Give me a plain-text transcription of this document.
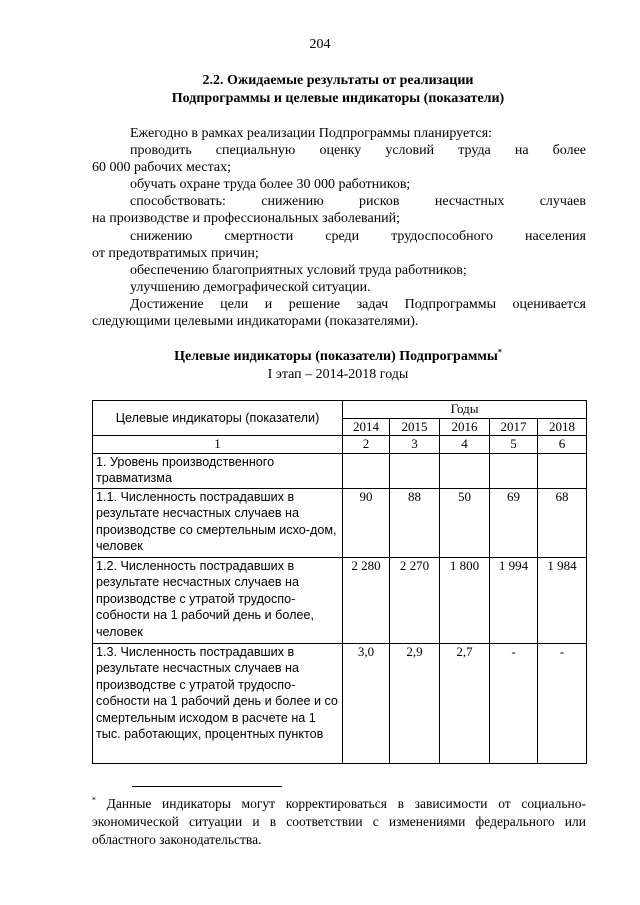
204
2.2. Ожидаемые результаты от реализации
Подпрограммы и целевые индикаторы (показатели)
Ежегодно в рамках реализации Подпрограммы планируется:
проводить специальную оценку условий труда на более
60 000 рабочих местах;
обучать охране труда более 30 000 работников;
способствовать: снижению рисков несчастных случаев
на производстве и профессиональных заболеваний;
снижению смертности среди трудоспособного населения
от предотвратимых причин;
обеспечению благоприятных условий труда работников;
улучшению демографической ситуации.
Достижение цели и решение задач Подпрограммы оценивается
следующими целевыми индикаторами (показателями).
Целевые индикаторы (показатели) Подпрограммы*
I этап – 2014-2018 годы
Целевые индикаторы (показатели)	Годы				
	2014	2015	2016	2017	2018
1	2	3	4	5	6
1. Уровень производственного травматизма					
1.1. Численность пострадавших в результате несчастных случаев на производстве со смертельным исхо-дом, человек	90	88	50	69	68
1.2. Численность пострадавших в результате несчастных случаев на производстве с утратой трудоспо-собности на 1 рабочий день и более, человек	2 280	2 270	1 800	1 994	1 984
1.3. Численность пострадавших в результате несчастных случаев на производстве с утратой трудоспо-собности на 1 рабочий день и более и со смертельным исходом в расчете на 1 тыс. работающих, процентных пунктов	3,0	2,9	2,7	-	-
* Данные индикаторы могут корректироваться в зависимости от социально-экономической ситуации и в соответствии с изменениями федерального или областного законодательства.
